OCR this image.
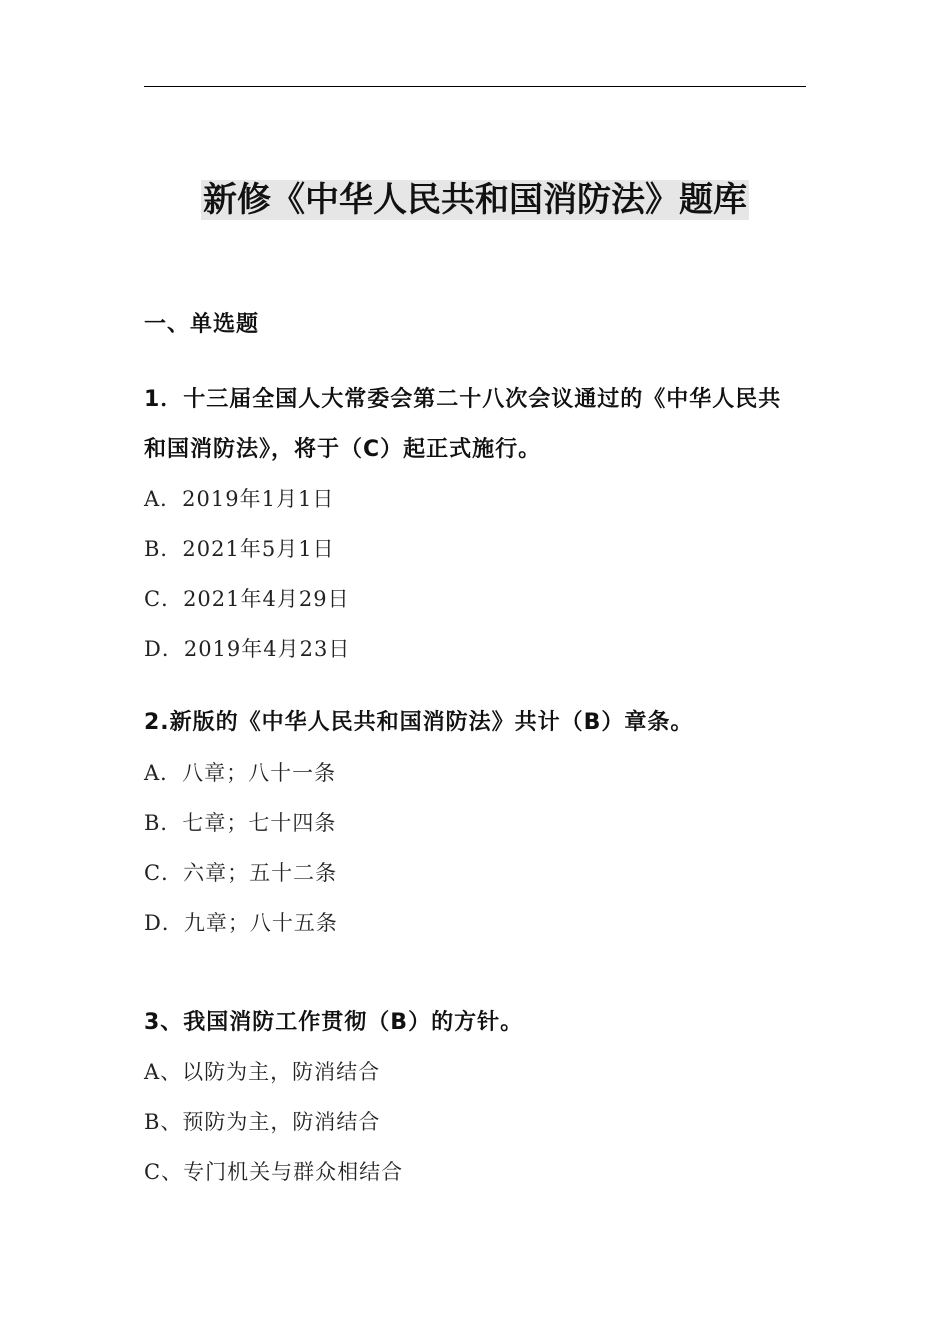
新修《中华人民共和国消防法》题库
一、单选题
1．十三届全国人大常委会第二十八次会议通过的《中华人民共
和国消防法》，将于（C）起正式施行。
A．2019年1月1日
B．2021年5月1日
C．2021年4月29日
D．2019年4月23日
2.新版的《中华人民共和国消防法》共计（B）章条。
A．八章；八十一条
B．七章；七十四条
C．六章；五十二条
D．九章；八十五条
3、我国消防工作贯彻（B）的方针。
A、以防为主，防消结合
B、预防为主，防消结合
C、专门机关与群众相结合
